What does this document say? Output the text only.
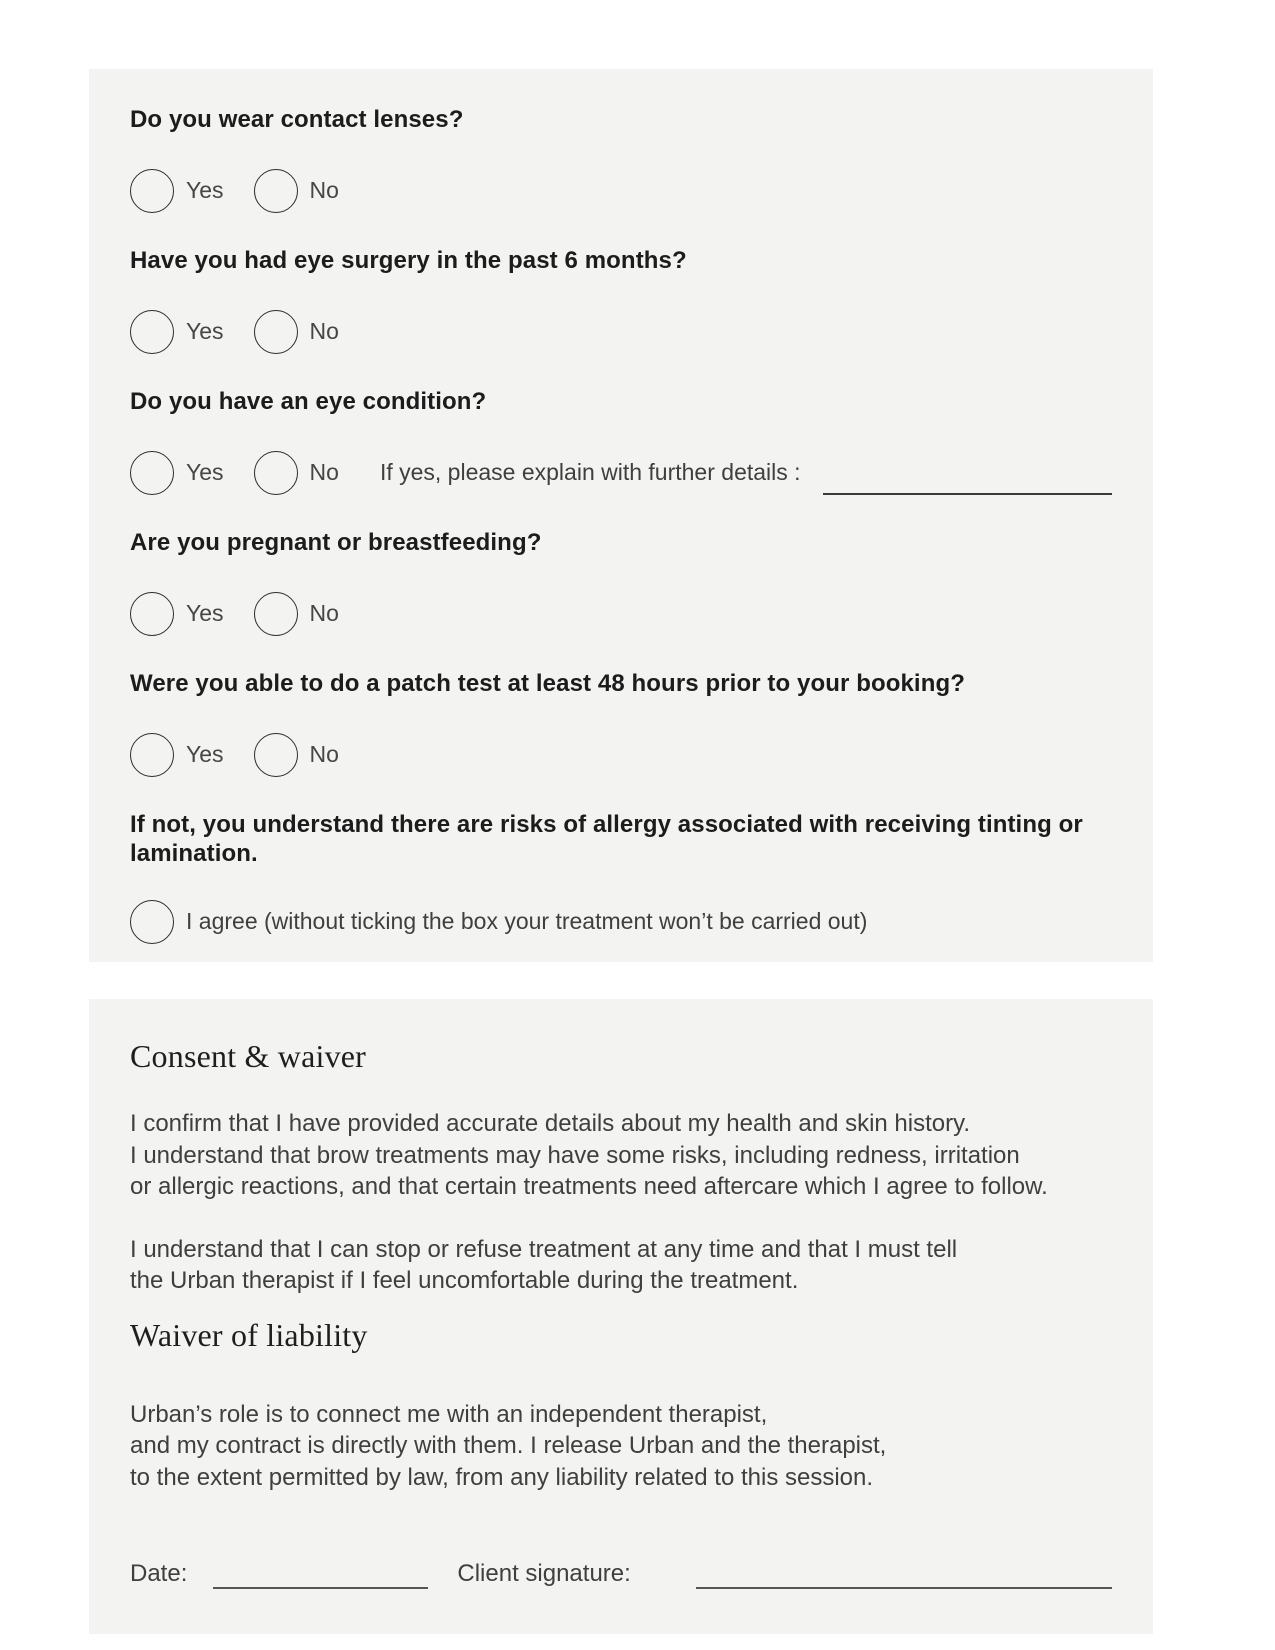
Do you wear contact lenses?
Yes	No
Have you had eye surgery in the past 6 months?
Yes	No
Do you have an eye condition?
Yes	No If yes, please explain with further details :
Are you pregnant or breastfeeding?
Yes	No
Were you able to do a patch test at least 48 hours prior to your booking?
Yes	No
If not, you understand there are risks of allergy associated with receiving tinting or lamination.
I agree (without ticking the box your treatment won’t be carried out)
Consent & waiver
I confirm that I have provided accurate details about my health and skin history.
I understand that brow treatments may have some risks, including redness, irritation
or allergic reactions, and that certain treatments need aftercare which I agree to follow.
I understand that I can stop or refuse treatment at any time and that I must tell
the Urban therapist if I feel uncomfortable during the treatment.
Waiver of liability
Urban’s role is to connect me with an independent therapist,
and my contract is directly with them. I release Urban and the therapist,
to the extent permitted by law, from any liability related to this session.
Date:	Client signature:
